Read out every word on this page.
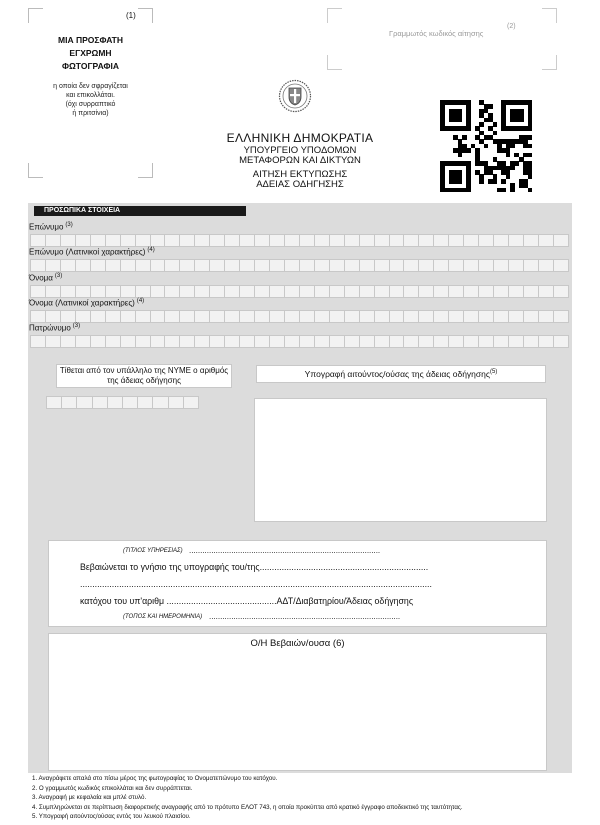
(1)
ΜΙΑ ΠΡΟΣΦΑΤΗ
ΕΓΧΡΩΜΗ
ΦΩΤΟΓΡΑΦΙΑ
η οποία δεν σφραγίζεται
και επικολλάται.
(όχι συρραπτικό
ή πριτσίνια)
Γραμμωτός κωδικός αίτησης
(2)
ΕΛΛΗΝΙΚΗ ΔΗΜΟΚΡΑΤΙΑ
ΥΠΟΥΡΓΕΙΟ ΥΠΟΔΟΜΩΝ
ΜΕΤΑΦΟΡΩΝ ΚΑΙ ΔΙΚΤΥΩΝ
ΑΙΤΗΣΗ ΕΚΤΥΠΩΣΗΣ
ΑΔΕΙΑΣ ΟΔΗΓΗΣΗΣ
ΠΡΟΣΩΠΙΚΑ ΣΤΟΙΧΕΙΑ
Επώνυμο $^{(3)}$
Επώνυμο (Λατινικοί χαρακτήρες) $^{(4)}$
Όνομα $^{(3)}$
Όνομα (Λατινικοί χαρακτήρες) $^{(4)}$
Πατρώνυμο $^{(3)}$
Τίθεται από τον υπάλληλο της ΝΥΜΕ ο αριθμός
της άδειας οδήγησης
Υπογραφή αιτούντος/ούσας της άδειας οδήγησης$^{(5)}$
(ΤΙΤΛΟΣ ΥΠΗΡΕΣΙΑΣ) ......................................................................................
Βεβαιώνεται το γνήσιο της υπογραφής του/της.....................................................................
................................................................................................................................................
κατόχου του υπ'αριθμ .............................................ΑΔΤ/Διαβατηρίου/Άδειας οδήγησης
(ΤΟΠΟΣ ΚΑΙ ΗΜΕΡΟΜΗΝΙΑ) ......................................................................................
Ο/Η Βεβαιών/ουσα (6)
1. Αναγράφετε απαλά στο πίσω μέρος της φωτογραφίας το Ονοματεπώνυμο του κατόχου.
2. Ο γραμμωτός κωδικός επικολλάται και δεν συρράπτεται.
3. Αναγραφή με κεφαλαία και μπλέ στυλό.
4. Συμπληρώνεται σε περίπτωση διαφορετικής αναγραφής από το πρότυπο ΕΛΟΤ 743, η οποία προκύπτει από κρατικό έγγραφο αποδεικτικό της ταυτότητας.
5. Υπογραφή αιτούντος/ούσας εντός του λευκού πλαισίου.
